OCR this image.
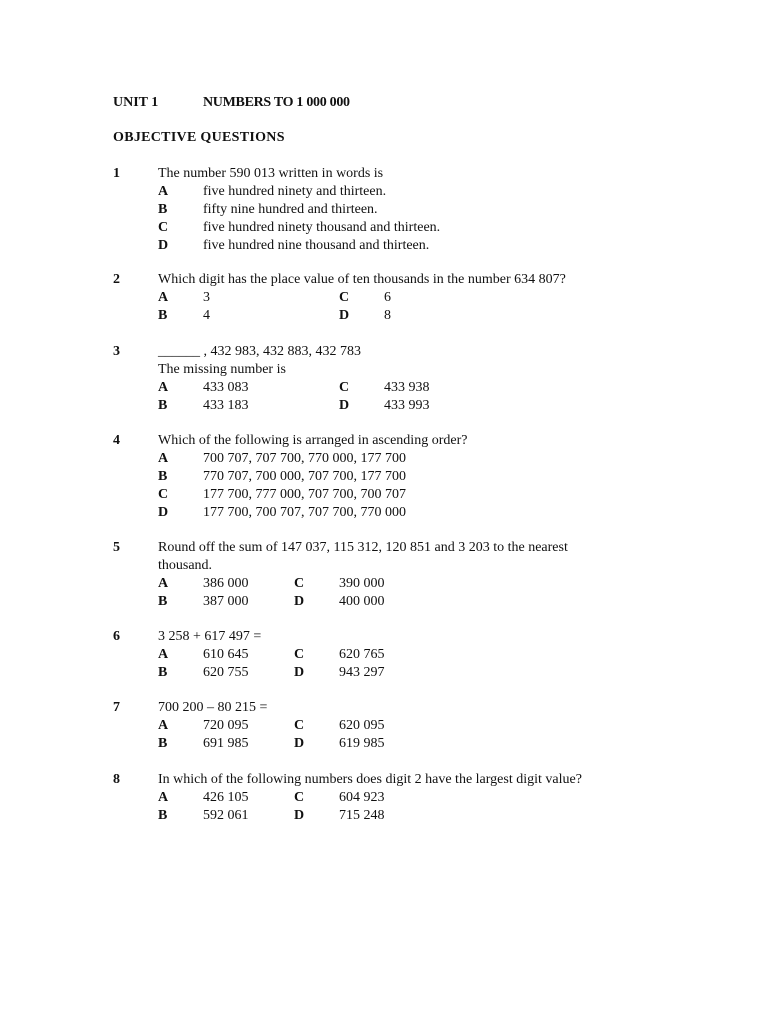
UNIT 1	NUMBERS TO 1 000 000
OBJECTIVE QUESTIONS
1	The number 590 013 written in words is
A five hundred ninety and thirteen.
B	fifty nine hundred and thirteen.
C five hundred ninety thousand and thirteen.
D five hundred nine thousand and thirteen.
2	Which digit has the place value of ten thousands in the number 634 807?
A 3	C 6
B	4	D 8
3	______ , 432 983, 432 883, 432 783
The missing number is
A 433 083	C 433 938
B	433 183	D 433 993
4	Which of the following is arranged in ascending order?
A 700 707, 707 700, 770 000, 177 700
B	770 707, 700 000, 707 700, 177 700
C 177 700, 777 000, 707 700, 700 707
D 177 700, 700 707, 707 700, 770 000
5	Round off the sum of 147 037, 115 312, 120 851 and 3 203 to the nearest
thousand.
A 386 000	C 390 000
B	387 000	D 400 000
6	3 258 + 617 497 =
A 610 645	C 620 765
B	620 755	D 943 297
7	700 200 – 80 215 =
A 720 095	C 620 095
B	691 985	D 619 985
8	In which of the following numbers does digit 2 have the largest digit value?
A 426 105	C 604 923
B	592 061	D 715 248
